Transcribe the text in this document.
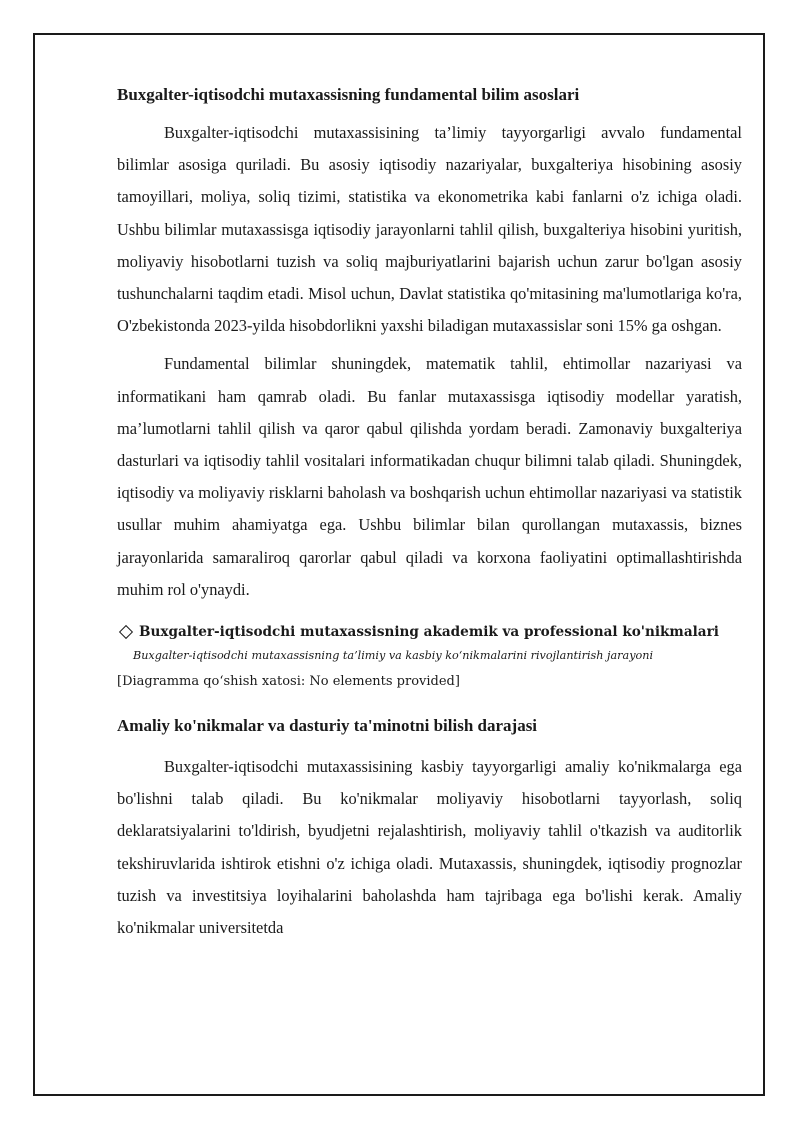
Buxgalter-iqtisodchi mutaxassisning fundamental bilim asoslari

Buxgalter-iqtisodchi mutaxassisining ta’limiy tayyorgarligi avvalo fundamental bilimlar asosiga quriladi. Bu asosiy iqtisodiy nazariyalar, buxgalteriya hisobining asosiy tamoyillari, moliya, soliq tizimi, statistika va ekonometrika kabi fanlarni o'z ichiga oladi. Ushbu bilimlar mutaxassisga iqtisodiy jarayonlarni tahlil qilish, buxgalteriya hisobini yuritish, moliyaviy hisobotlarni tuzish va soliq majburiyatlarini bajarish uchun zarur bo'lgan asosiy tushunchalarni taqdim etadi. Misol uchun, Davlat statistika qo'mitasining ma'lumotlariga ko'ra, O'zbekistonda 2023-yilda hisobdorlikni yaxshi biladigan mutaxassislar soni 15% ga oshgan.

Fundamental bilimlar shuningdek, matematik tahlil, ehtimollar nazariyasi va informatikani ham qamrab oladi. Bu fanlar mutaxassisga iqtisodiy modellar yaratish, ma’lumotlarni tahlil qilish va qaror qabul qilishda yordam beradi. Zamonaviy buxgalteriya dasturlari va iqtisodiy tahlil vositalari informatikadan chuqur bilimni talab qiladi. Shuningdek, iqtisodiy va moliyaviy risklarni baholash va boshqarish uchun ehtimollar nazariyasi va statistik usullar muhim ahamiyatga ega. Ushbu bilimlar bilan qurollangan mutaxassis, biznes jarayonlarida samaraliroq qarorlar qabul qiladi va korxona faoliyatini optimallashtirishda muhim rol o'ynaydi.

Buxgalter-iqtisodchi mutaxassisning akademik va professional ko'nikmalari
Buxgalter-iqtisodchi mutaxassisning ta’limiy va kasbiy ko‘nikmalarini rivojlantirish jarayoni
[Diagramma qo‘shish xatosi: No elements provided]
Amaliy ko'nikmalar va dasturiy ta'minotni bilish darajasi

Buxgalter-iqtisodchi mutaxassisining kasbiy tayyorgarligi amaliy ko'nikmalarga ega bo'lishni talab qiladi. Bu ko'nikmalar moliyaviy hisobotlarni tayyorlash, soliq deklaratsiyalarini to'ldirish, byudjetni rejalashtirish, moliyaviy tahlil o'tkazish va auditorlik tekshiruvlarida ishtirok etishni o'z ichiga oladi. Mutaxassis, shuningdek, iqtisodiy prognozlar tuzish va investitsiya loyihalarini baholashda ham tajribaga ega bo'lishi kerak. Amaliy ko'nikmalar universitetda
